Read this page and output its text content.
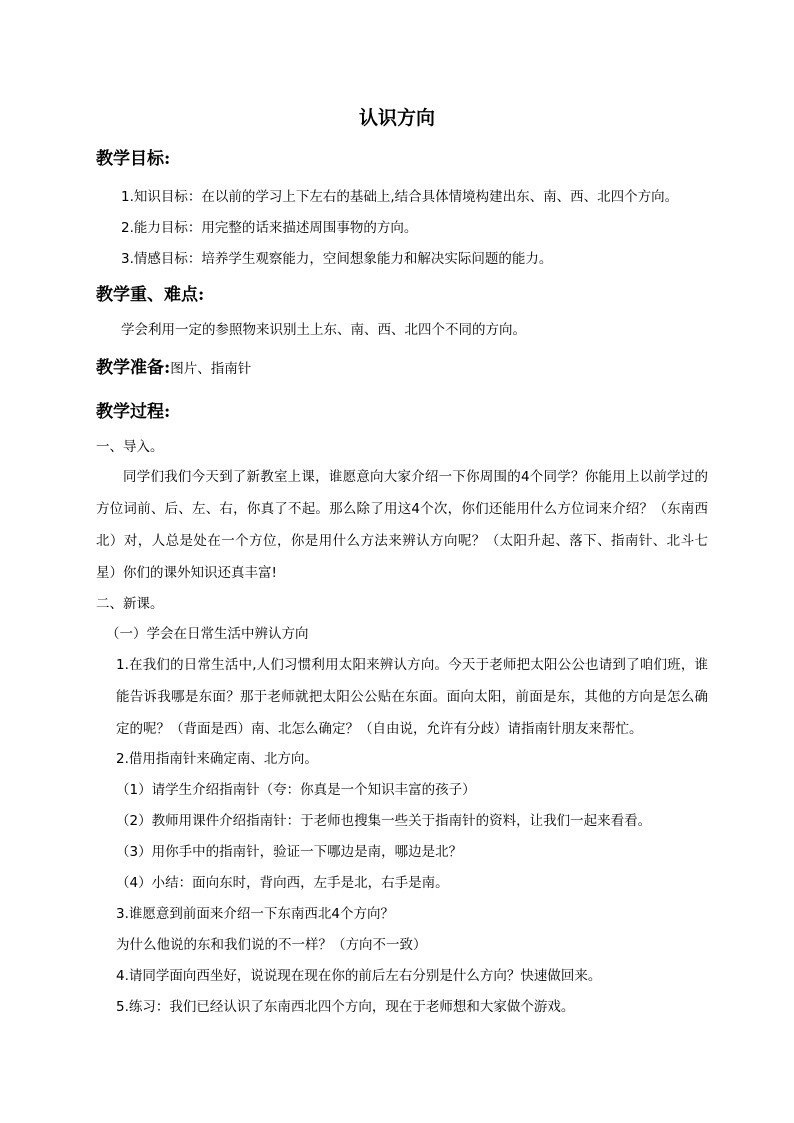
认识方向
教学目标:
1.知识目标：在以前的学习上下左右的基础上,结合具体情境构建出东、南、西、北四个方向。
2.能力目标：用完整的话来描述周围事物的方向。
3.情感目标：培养学生观察能力，空间想象能力和解决实际问题的能力。
教学重、难点:
学会利用一定的参照物来识别土上东、南、西、北四个不同的方向。
教学准备:图片、指南针
教学过程:
一、导入。
同学们我们今天到了新教室上课，谁愿意向大家介绍一下你周围的4个同学？你能用上以前学过的方位词前、后、左、右，你真了不起。那么除了用这4个次，你们还能用什么方位词来介绍？（东南西北）对，人总是处在一个方位，你是用什么方法来辨认方向呢？（太阳升起、落下、指南针、北斗七星）你们的课外知识还真丰富!
二、新课。
（一）学会在日常生活中辨认方向
1.在我们的日常生活中,人们习惯利用太阳来辨认方向。今天于老师把太阳公公也请到了咱们班，谁能告诉我哪是东面？那于老师就把太阳公公贴在东面。面向太阳，前面是东，其他的方向是怎么确定的呢？（背面是西）南、北怎么确定？（自由说，允许有分歧）请指南针朋友来帮忙。
2.借用指南针来确定南、北方向。
（1）请学生介绍指南针（夸：你真是一个知识丰富的孩子）
（2）教师用课件介绍指南针：于老师也搜集一些关于指南针的资料，让我们一起来看看。
（3）用你手中的指南针，验证一下哪边是南，哪边是北？
（4）小结：面向东时，背向西，左手是北，右手是南。
3.谁愿意到前面来介绍一下东南西北4个方向？
为什么他说的东和我们说的不一样？（方向不一致）
4.请同学面向西坐好，说说现在现在你的前后左右分别是什么方向？快速做回来。
5.练习：我们已经认识了东南西北四个方向，现在于老师想和大家做个游戏。
